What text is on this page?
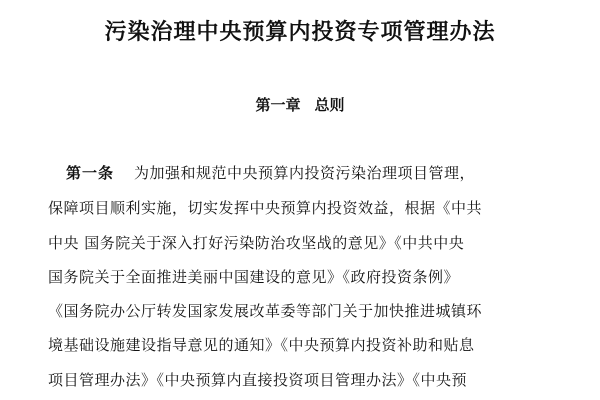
污染治理中央预算内投资专项管理办法
第一章 总则
第一条 为加强和规范中央预算内投资污染治理项目管理，
保障项目顺利实施，切实发挥中央预算内投资效益，根据《中共
中央 国务院关于深入打好污染防治攻坚战的意见》《中共中央
国务院关于全面推进美丽中国建设的意见》《政府投资条例》
《国务院办公厅转发国家发展改革委等部门关于加快推进城镇环
境基础设施建设指导意见的通知》《中央预算内投资补助和贴息
项目管理办法》《中央预算内直接投资项目管理办法》《中央预
